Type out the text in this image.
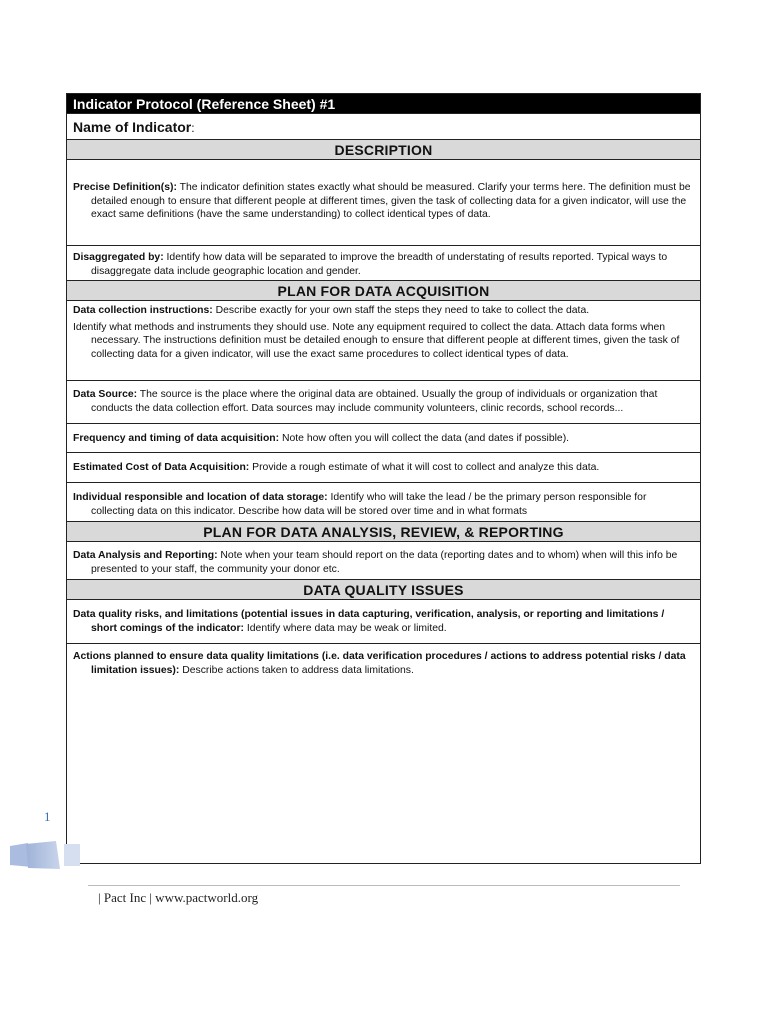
Indicator Protocol (Reference Sheet) #1
Name of Indicator:
DESCRIPTION

Precise Definition(s): The indicator definition states exactly what should be measured. Clarify your terms here. The definition must be detailed enough to ensure that different people at different times, given the task of collecting data for a given indicator, will use the exact same definitions (have the same understanding) to collect identical types of data.

Disaggregated by: Identify how data will be separated to improve the breadth of understating of results reported. Typical ways to disaggregate data include geographic location and gender.

PLAN FOR DATA ACQUISITION

Data collection instructions: Describe exactly for your own staff the steps they need to take to collect the data.

Identify what methods and instruments they should use. Note any equipment required to collect the data. Attach data forms when necessary. The instructions definition must be detailed enough to ensure that different people at different times, given the task of collecting data for a given indicator, will use the exact same procedures to collect identical types of data.

Data Source: The source is the place where the original data are obtained. Usually the group of individuals or organization that conducts the data collection effort. Data sources may include community volunteers, clinic records, school records...

Frequency and timing of data acquisition: Note how often you will collect the data (and dates if possible).

Estimated Cost of Data Acquisition: Provide a rough estimate of what it will cost to collect and analyze this data.

Individual responsible and location of data storage: Identify who will take the lead / be the primary person responsible for collecting data on this indicator. Describe how data will be stored over time and in what formats

PLAN FOR DATA ANALYSIS, REVIEW, & REPORTING

Data Analysis and Reporting: Note when your team should report on the data (reporting dates and to whom) when will this info be presented to your staff, the community your donor etc.

DATA QUALITY ISSUES

Data quality risks, and limitations (potential issues in data capturing, verification, analysis, or reporting and limitations / short comings of the indicator: Identify where data may be weak or limited.

Actions planned to ensure data quality limitations (i.e. data verification procedures / actions to address potential risks / data limitation issues): Describe actions taken to address data limitations.

1
| Pact Inc | www.pactworld.org
